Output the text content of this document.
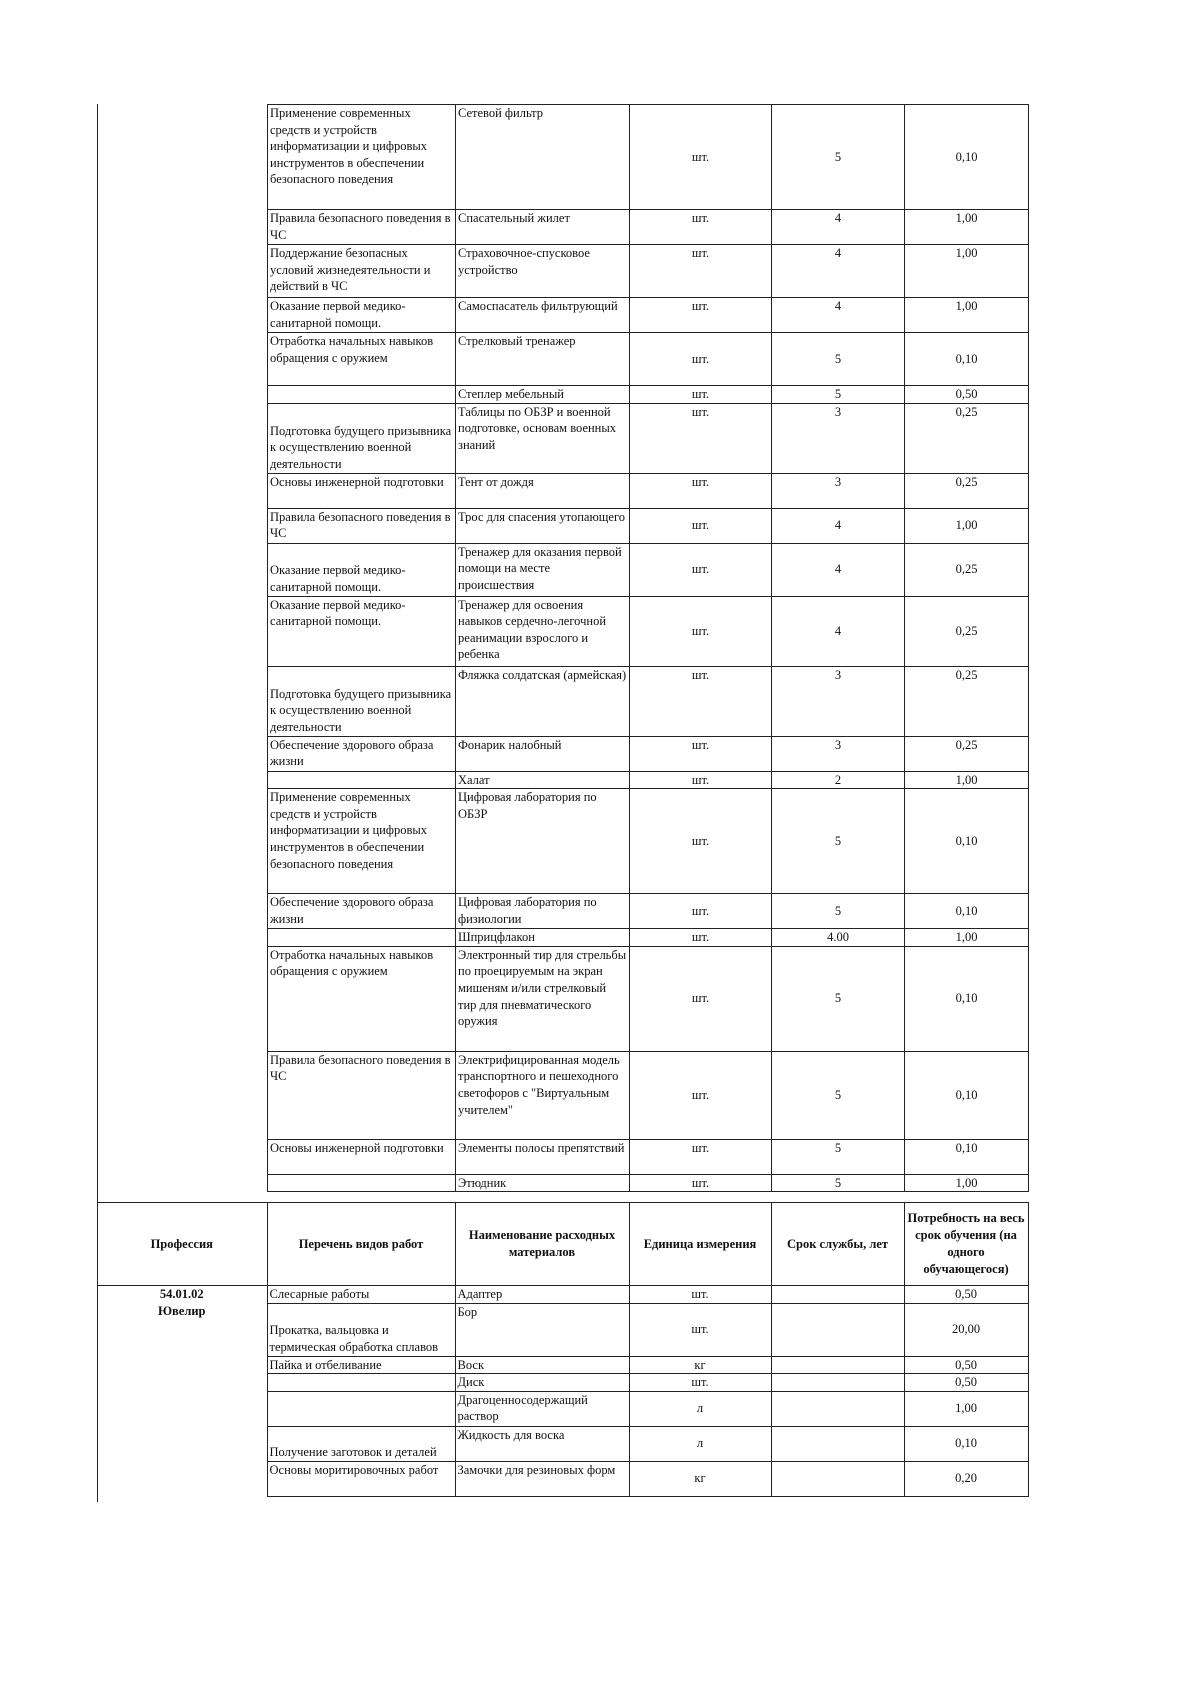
Применение современных средств и устройств информатизации и цифровых инструментов в обеспечении безопасного поведения	Сетевой фильтр	шт.	5	0,10
Правила безопасного поведения в ЧС	Спасательный жилет	шт.	4	1,00
Поддержание безопасных условий жизнедеятельности и действий в ЧС	Страховочное-спусковое устройство	шт.	4	1,00
Оказание первой медико-санитарной помощи.	Самоспасатель фильтрующий	шт.	4	1,00
Отработка начальных навыков обращения с оружием	Стрелковый тренажер	шт.	5	0,10
	Степлер мебельный	шт.	5	0,50
Подготовка будущего призывника к осуществлению военной деятельности	Таблицы по ОБЗР и военной подготовке, основам военных знаний	шт.	3	0,25
Основы инженерной подготовки	Тент от дождя	шт.	3	0,25
Правила безопасного поведения в ЧС	Трос для спасения утопающего	шт.	4	1,00
Оказание первой медико-санитарной помощи.	Тренажер для оказания первой помощи на месте происшествия	шт.	4	0,25
Оказание первой медико-санитарной помощи.	Тренажер для освоения навыков сердечно-легочной реанимации взрослого и ребенка	шт.	4	0,25
Подготовка будущего призывника к осуществлению военной деятельности	Фляжка солдатская (армейская)	шт.	3	0,25
Обеспечение здорового образа жизни	Фонарик налобный	шт.	3	0,25
	Халат	шт.	2	1,00
Применение современных средств и устройств информатизации и цифровых инструментов в обеспечении безопасного поведения	Цифровая лаборатория по ОБЗР	шт.	5	0,10
Обеспечение здорового образа жизни	Цифровая лаборатория по физиологии	шт.	5	0,10
	Шприцфлакон	шт.	4.00	1,00
Отработка начальных навыков обращения с оружием	Электронный тир для стрельбы по проецируемым на экран мишеням и/или стрелковый тир для пневматического оружия	шт.	5	0,10
Правила безопасного поведения в ЧС	Электрифицированная модель транспортного и пешеходного светофоров с "Виртуальным учителем"	шт.	5	0,10
Основы инженерной подготовки	Элементы полосы препятствий	шт.	5	0,10
	Этюдник	шт.	5	1,00
Профессия	Перечень видов работ	Наименование расходных материалов	Единица измерения	Срок службы, лет	Потребность на весь срок обучения (на одного обучающегося)

54.01.02
Ювелир	Слесарные работы	Адаптер	шт.		0,50
	Прокатка, вальцовка и термическая обработка сплавов	Бор	шт.		20,00
	Пайка и отбеливание	Воск	кг		0,50
		Диск	шт.		0,50
		Драгоценносодержащий раствор	л		1,00
	Получение заготовок и деталей	Жидкость для воска	л		0,10
	Основы моритировочных работ	Замочки для резиновых форм	кг		0,20
